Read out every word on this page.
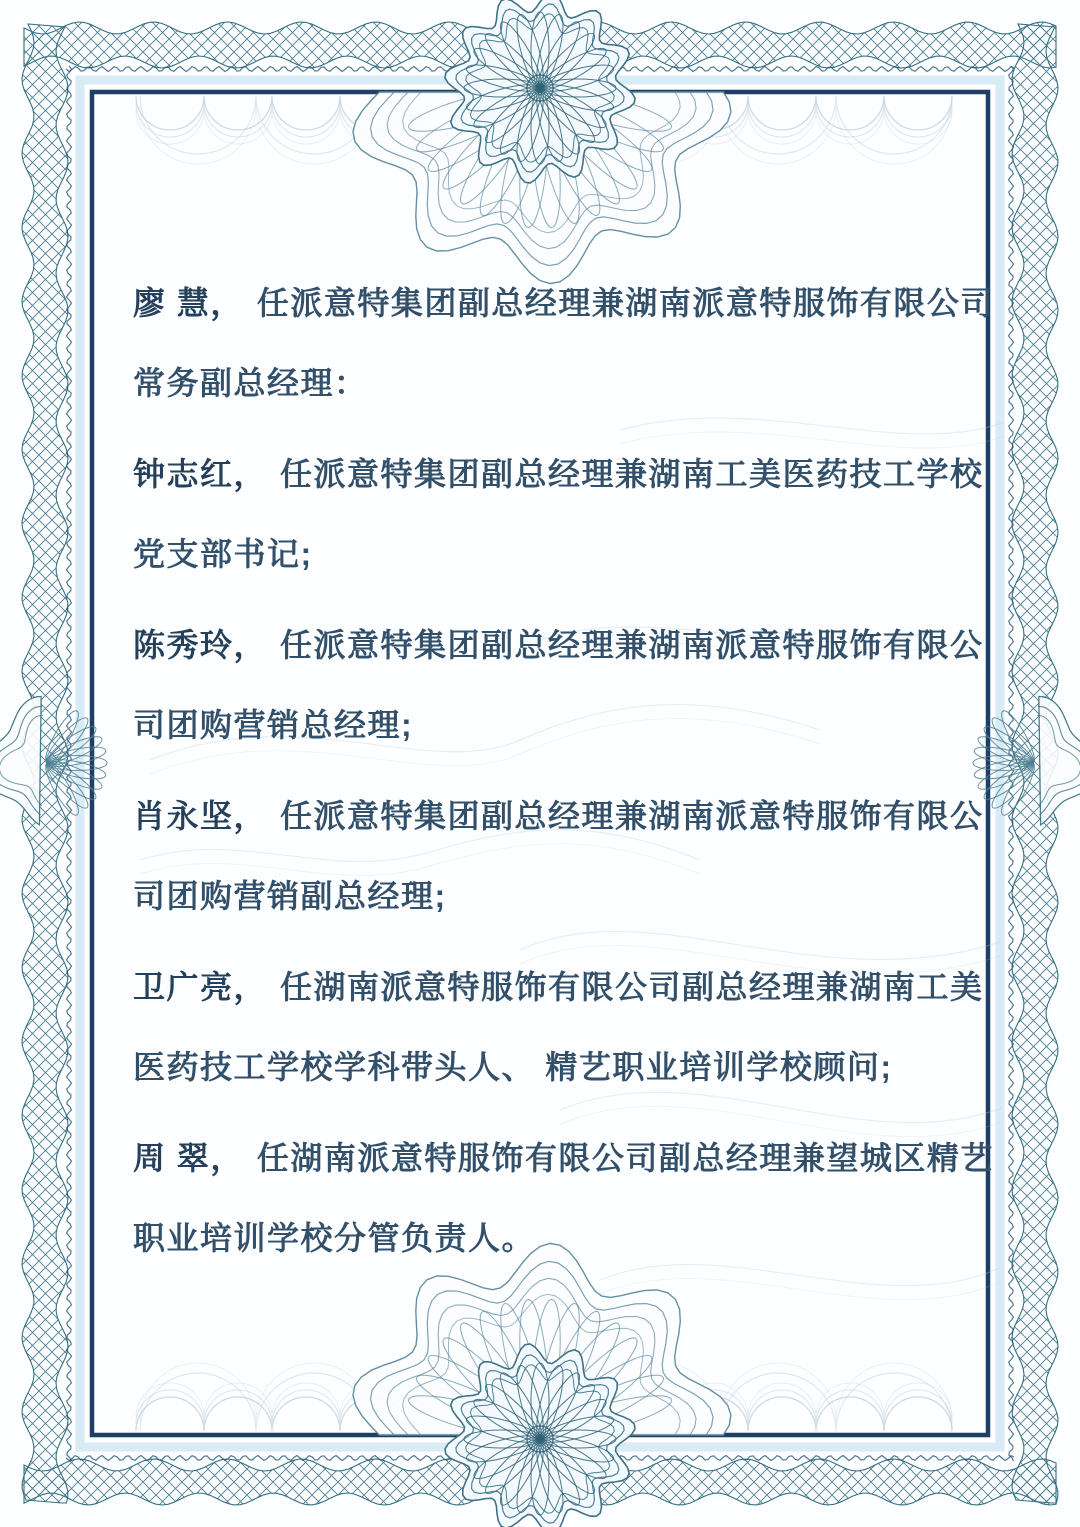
廖 慧， 任派意特集团副总经理兼湖南派意特服饰有限公司
常务副总经理：
钟志红， 任派意特集团副总经理兼湖南工美医药技工学校
党支部书记;
陈秀玲， 任派意特集团副总经理兼湖南派意特服饰有限公
司团购营销总经理;
肖永坚， 任派意特集团副总经理兼湖南派意特服饰有限公
司团购营销副总经理;
卫广亮， 任湖南派意特服饰有限公司副总经理兼湖南工美
医药技工学校学科带头人、 精艺职业培训学校顾问;
周 翠， 任湖南派意特服饰有限公司副总经理兼望城区精艺
职业培训学校分管负责人。
